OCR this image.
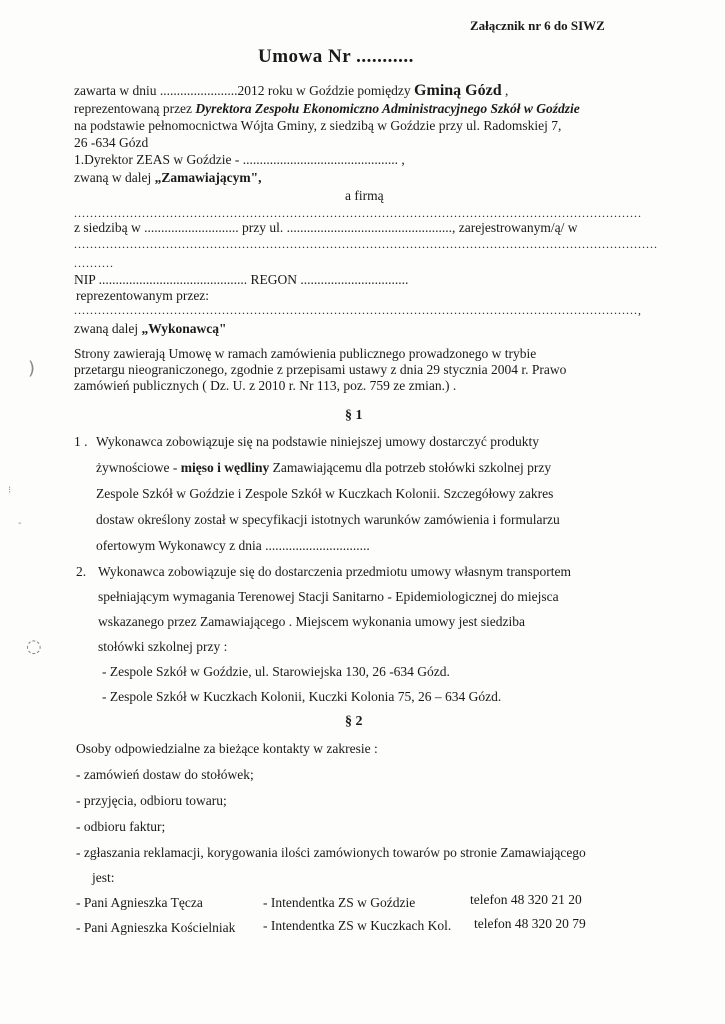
Załącznik nr 6 do SIWZ
Umowa Nr ...........
zawarta w dniu .......................2012 roku w Goździe pomiędzy Gminą Gózd ,
reprezentowaną przez Dyrektora Zespołu Ekonomiczno Administracyjnego Szkół w Goździe
na podstawie pełnomocnictwa Wójta Gminy, z siedzibą w Goździe przy ul. Radomskiej 7,
26 -634 Gózd
1.Dyrektor ZEAS w Goździe - .............................................. ,
zwaną w dalej „Zamawiającym",
a firmą
..............................................................................................................................................
z siedzibą w ............................ przy ul. ................................................., zarejestrowanym/ą/ w
..................................................................................................................................................
..........
NIP ............................................ REGON ................................
reprezentowanym przez:
.............................................................................................................................................,
zwaną dalej „Wykonawcą"
Strony zawierają Umowę w ramach zamówienia publicznego prowadzonego w trybie
przetargu nieograniczonego, zgodnie z przepisami ustawy z dnia 29 stycznia 2004 r. Prawo
zamówień publicznych ( Dz. U. z 2010 r. Nr 113, poz. 759 ze zmian.) .
§ 1
1 . Wykonawca zobowiązuje się na podstawie niniejszej umowy dostarczyć produkty
żywnościowe - mięso i wędliny Zamawiającemu dla potrzeb stołówki szkolnej przy
Zespole Szkół w Goździe i Zespole Szkół w Kuczkach Kolonii. Szczegółowy zakres
dostaw określony został w specyfikacji istotnych warunków zamówienia i formularzu
ofertowym Wykonawcy z dnia ...............................
2. Wykonawca zobowiązuje się do dostarczenia przedmiotu umowy własnym transportem
spełniającym wymagania Terenowej Stacji Sanitarno - Epidemiologicznej do miejsca
wskazanego przez Zamawiającego . Miejscem wykonania umowy jest siedziba
stołówki szkolnej przy :
- Zespole Szkół w Goździe, ul. Starowiejska 130, 26 -634 Gózd.
- Zespole Szkół w Kuczkach Kolonii, Kuczki Kolonia 75, 26 – 634 Gózd.
§ 2
Osoby odpowiedzialne za bieżące kontakty w zakresie :
- zamówień dostaw do stołówek;
- przyjęcia, odbioru towaru;
- odbioru faktur;
- zgłaszania reklamacji, korygowania ilości zamówionych towarów po stronie Zamawiającego
jest:
- Pani Agnieszka Tęcza	- Intendentka ZS w Goździe	telefon 48 320 21 20
- Pani Agnieszka Kościelniak - Intendentka ZS w Kuczkach Kol. telefon 48 320 20 79
)
◌
⁝
‐
